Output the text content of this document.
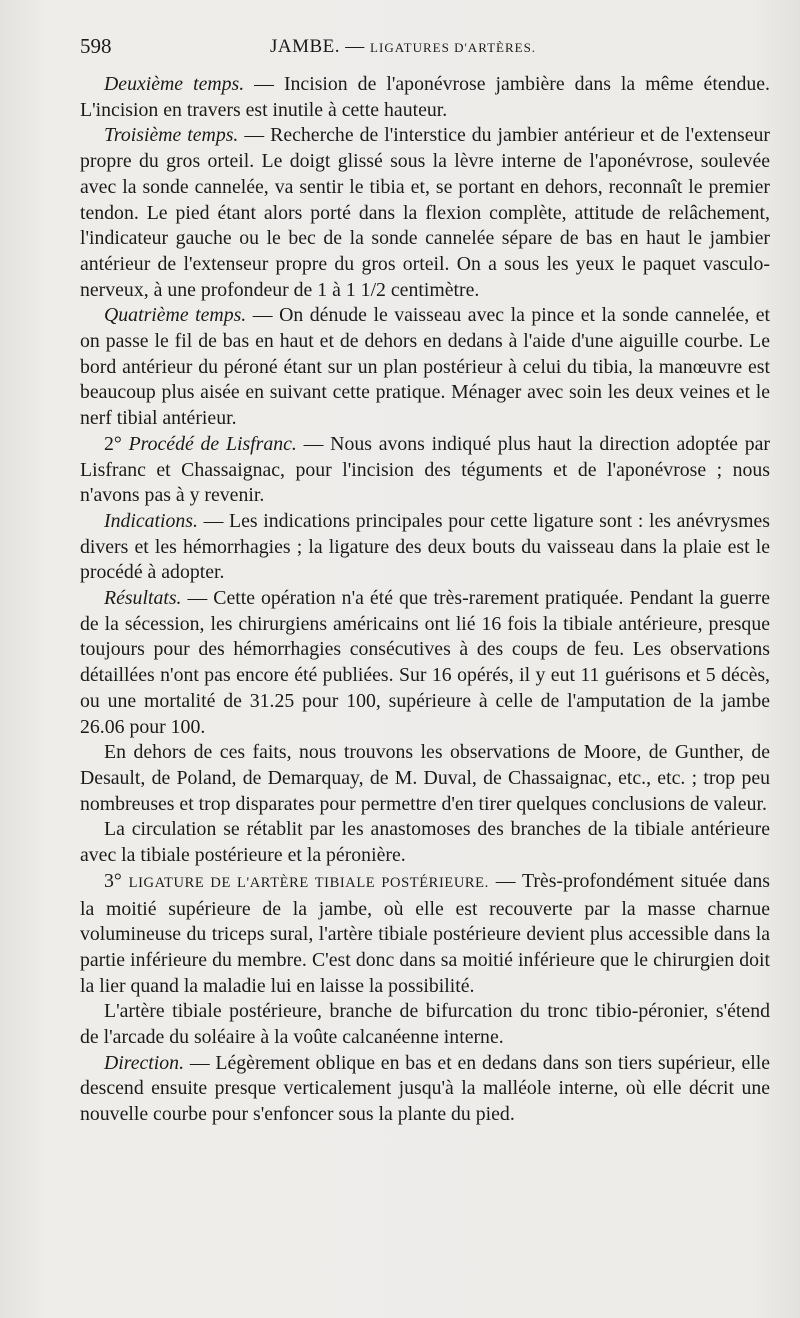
598	JAMBE. — LIGATURES D'ARTÈRES.

Deuxième temps. — Incision de l'aponévrose jambière dans la même étendue. L'incision en travers est inutile à cette hauteur.

Troisième temps. — Recherche de l'interstice du jambier antérieur et de l'extenseur propre du gros orteil. Le doigt glissé sous la lèvre interne de l'aponévrose, soulevée avec la sonde cannelée, va sentir le tibia et, se portant en dehors, reconnaît le premier tendon. Le pied étant alors porté dans la flexion complète, attitude de relâchement, l'indicateur gauche ou le bec de la sonde cannelée sépare de bas en haut le jambier antérieur de l'extenseur propre du gros orteil. On a sous les yeux le paquet vasculo-nerveux, à une profondeur de 1 à 1 1/2 centimètre.

Quatrième temps. — On dénude le vaisseau avec la pince et la sonde cannelée, et on passe le fil de bas en haut et de dehors en dedans à l'aide d'une aiguille courbe. Le bord antérieur du péroné étant sur un plan postérieur à celui du tibia, la manœuvre est beaucoup plus aisée en suivant cette pratique. Ménager avec soin les deux veines et le nerf tibial antérieur.

2° Procédé de Lisfranc. — Nous avons indiqué plus haut la direction adoptée par Lisfranc et Chassaignac, pour l'incision des téguments et de l'aponévrose ; nous n'avons pas à y revenir.

Indications. — Les indications principales pour cette ligature sont : les anévrysmes divers et les hémorrhagies ; la ligature des deux bouts du vaisseau dans la plaie est le procédé à adopter.

Résultats. — Cette opération n'a été que très-rarement pratiquée. Pendant la guerre de la sécession, les chirurgiens américains ont lié 16 fois la tibiale antérieure, presque toujours pour des hémorrhagies consécutives à des coups de feu. Les observations détaillées n'ont pas encore été publiées. Sur 16 opérés, il y eut 11 guérisons et 5 décès, ou une mortalité de 31.25 pour 100, supérieure à celle de l'amputation de la jambe 26.06 pour 100.

En dehors de ces faits, nous trouvons les observations de Moore, de Gunther, de Desault, de Poland, de Demarquay, de M. Duval, de Chassaignac, etc., etc. ; trop peu nombreuses et trop disparates pour permettre d'en tirer quelques conclusions de valeur.

La circulation se rétablit par les anastomoses des branches de la tibiale antérieure avec la tibiale postérieure et la péronière.

3° LIGATURE DE L'ARTÈRE TIBIALE POSTÉRIEURE. — Très-profondément située dans la moitié supérieure de la jambe, où elle est recouverte par la masse charnue volumineuse du triceps sural, l'artère tibiale postérieure devient plus accessible dans la partie inférieure du membre. C'est donc dans sa moitié inférieure que le chirurgien doit la lier quand la maladie lui en laisse la possibilité.

L'artère tibiale postérieure, branche de bifurcation du tronc tibio-péronier, s'étend de l'arcade du soléaire à la voûte calcanéenne interne.

Direction. — Légèrement oblique en bas et en dedans dans son tiers supérieur, elle descend ensuite presque verticalement jusqu'à la malléole interne, où elle décrit une nouvelle courbe pour s'enfoncer sous la plante du pied.
